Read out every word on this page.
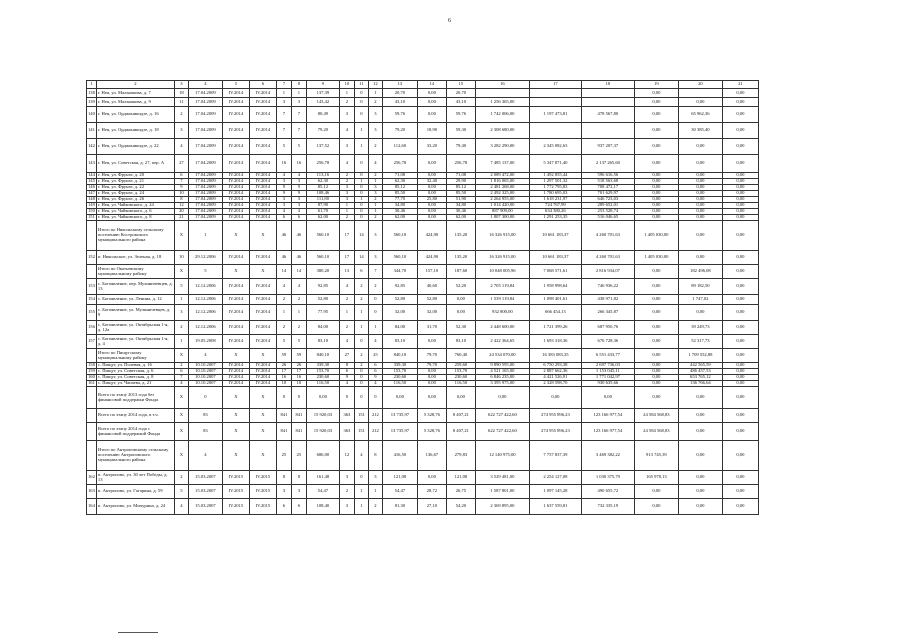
6
1	2	3	4	5	6	7	8	9	10	11	12	13	14	15	16	17	18	19	20	21
138	г. Нея, ул. Малышкова, д. 7	18	17.04.2009	IV.2014	IV.2014	1	1	137,39	1	0	1	20,70	0,00	20,70				0,00		0,00
139	г. Нея, ул. Малышкова, д. 9	11	17.04.2009	IV.2014	IV.2014	3	3	143,42	2	0	2	43,10	0,00	43,10	1 256 365,00			0,00	0,00	0,00
140	г. Нея, ул. Орджоникидзе, д. 16	2	17.04.2009	IV.2014	IV.2014	7	7	80,49	3	0	3	59,76	0,00	59,76	1 742 006,00	1 197 473,81	478 567,80	0,00	65 962,36	0,00
141	г. Нея, ул. Орджоникидзе, д. 18	3	17.04.2009	IV.2014	IV.2014	7	7	79,20	4	1	3	79,20	18,90	59,30	2 308 680,00			0,00	30 385,40	0,00
142	г. Нея, ул. Орджоникидзе, д. 22	4	17.04.2009	IV.2014	IV.2014	5	5	137,52	3	1	2	112,60	33,20	79,40	3 282 290,00	2 345 082,63	937 207,37	0,00	0,00	0,00
143	г. Нея, ул. Советская, д. 27, пер. А	27	17.04.2009	IV.2014	IV.2014	16	16	256,78	4	0	4	256,78	0,00	256,78	7 485 137,00	5 347 871,40	2 137 265,60	0,00	0,00	0,00
144	г. Нея, ул. Фрунзе, д. 20	6	17.04.2009	IV.2014	IV.2014	4	4	113,16	2	0	2	71,08	0,00	71,08	2 089 472,00	1 492 855,44	596 616,56	0,00	0,00	0,00
145	г. Нея, ул. Фрунзе, д. 21	7	17.04.2009	IV.2014	IV.2014	3	3	62,30	2	1	1	62,30	32,40	29,90	1 816 065,00	1 297 501,32	518 563,68	0,00	0,00	0,00
146	г. Нея, ул. Фрунзе, д. 22	9	17.04.2009	IV.2014	IV.2014	9	9	85,12	3	0	3	85,12	0,00	85,12	2 481 268,00	1 772 795,83	708 472,17	0,00	0,00	0,00
147	г. Нея, ул. Фрунзе, д. 24	10	17.04.2009	IV.2014	IV.2014	9	9	108,46	3	0	3	85,50	0,00	85,50	2 492 325,00	1 780 695,03	701 629,97	0,00	0,00	0,00
148	г. Нея, ул. Фрунзе, д. 26	8	17.04.2009	IV.2014	IV.2014	3	3	111,80	3	1	2	77,70	25,80	51,90	2 264 955,00	1 618 231,97	646 723,03	0,00	0,00	0,00
149	г. Нея, ул. Чайковского, д. 24	12	17.04.2009	IV.2014	IV.2014	3	3	87,90	1	0	1	34,80	0,00	34,80	1 014 420,00	724 767,99	289 652,01	0,00	0,00	0,00
150	г. Нея, ул. Чайковского, д. 6	20	17.04.2009	IV.2014	IV.2014	4	4	61,70	1	0	1	30,46	0,00	30,46	887 909,00	634 380,26	253 528,74	0,00	0,00	0,00
151	г. Нея, ул. Чайковского, д. 8	21	17.04.2009	IV.2014	IV.2014	6	6	62,00	2	0	2	62,00	0,00	62,00	1 807 300,00	1 291 253,35	516 046,65	0,00	0,00	0,00
	Итого по Никольскому сельскому поселению Костромского муниципального района	X	1	X	X	46	46	560,10	17	14	3	560,10	424,90	135,20	16 326 915,00	10 661 183,37	4 260 701,63	1 405 030,00	0,00	0,00
152	п. Никольское, ул. Зеленая, д. 18	10	29.12.2006	IV.2014	IV.2014	46	46	560,10	17	14	3	560,10	424,90	135,20	16 326 915,00	10 661 183,37	4 260 701,63	1 405 030,00	0,00	0,00
	Итого по Окатьевскому муниципальному району	X	5	X	X	14	14	380,20	13	6	7	344,70	157,10	187,60	10 048 005,96	7 068 571,61	2 816 934,07	0,00	182 496,08	0,00
153	с. Богоявление, пер. Мулиничевцев, д. 13	5	12.12.2006	IV.2014	IV.2014	4	4	92,85	4	2	2	92,85	40,60	52,20	2 705 119,84	1 958 998,64	746 936,22	0,00	89 182,50	0,00
154	с. Богоявление, ул. Ленина, д. 12	1	12.12.2006	IV.2014	IV.2014	2	2	52,80	2	2	0	52,80	52,80	0,00	1 539 119,84	1 098 401,61	438 971,82	0,00	1 747,02	0,00
155	с. Богоявление, ул. Мулиничевцев, д. 9	3	12.12.2006	IV.2014	IV.2014	1	1	77,95	1	1	0	32,00	32,00	0,00	932 800,00	666 454,13	266 345,87	0,00	0,00	0,00
156	с. Богоявление, ул. Октябрьская 1-я, д. 12а	2	12.12.2006	IV.2014	IV.2014	2	2	84,00	2	1	1	84,00	31,70	52,30	2 448 600,00	1 721 399,26	687 950,76	0,00	39 249,73	0,00
157	с. Богоявление, ул. Октябрьская 1-я, д. 4	1	19.05.2008	IV.2014	IV.2014	5	5	83,10	4	0	4	83,10	0,00	83,10	2 422 364,65	1 693 318,36	676 728,36	0,00	52 317,73	0,00
	Итого по Пищугскому муниципальному району	X	4	X	X	59	59	840,10	27	2	25	840,10	79,70	760,40	24 534 070,00	16 383 083,35	6 551 433,77	0,00	1 709 552,88	0,00
158	с. Пищуг, ул. Полевая, д. 16	2	10.10.2007	IV.2014	IV.2014	26	26	339,30	8	2	6	339,30	79,70	259,60	9 890 595,00	6 750 293,38	2 697 736,03	0,00	442 565,59	0,00
159	с. Пищуг, ул. Советская, д. 6	6	10.10.2007	IV.2014	IV.2014	17	17	153,70	6	0	6	153,70	0,00	153,70	4 521 165,00	2 887 662,36	1 153 045,11	0,00	486 457,53	0,00
160	с. Пищуг, ул. Советская, д. 8	7	10.10.2007	IV.2014	IV.2014	16	16	230,60	9	0	9	230,60	0,00	230,60	6 846 235,00	4 421 526,91	1 771 042,97	0,00	653 765,12	0,00
161	с. Пищуг, ул. Чапаева, д. 21	4	10.10.2007	IV.2014	IV.2014	10	10	116,50	4	0	4	116,50	0,00	116,50	3 395 975,00	2 328 598,70	930 635,66	0,00	136 766,64	0,00
	Всего по этапу 2013 года без финансовой поддержки Фонда	X	0	X	X	0	0	0,00	0	0	0	0,00	0,00	0,00	0,00	0,00	0,00	0,00	0,00	0,00
	Всего по этапу 2014 года, в т.ч.	X	83	X	X	841	841	15 920,03	363	151	212	13 735,97	5 328,76	8 407,21	622 727 422,60	274 955 896,23	123 166 977,54	24 584 568,83	0,00	0,00
	Всего по этапу 2014 года с финансовой поддержкой Фонда	X	83	X	X	841	841	15 920,03	363	151	212	13 735,97	5 328,76	8 407,21	622 727 422,60	274 955 896,23	123 166 977,54	24 584 568,83	0,00	0,00
	Итого по Антроповскому сельскому поселению Антроповского муниципального района	X	4	X	X	25	25	686,00	12	4	8	416,50	136,67	279,83	12 140 975,00	7 757 837,39	3 469 382,22	913 745,39	0,00	0,00
162	п. Антропово, ул. 30 лет Победы, д. 13	2	15.03.2007	IV.2015	IV.2015	8	8	161,48	3	0	3	121,08	0,00	121,08	3 529 481,00	2 254 127,08	1 030 375,79	165 978,13	0,00	0,00
163	п. Антропово, ул. Гагарина, д. 59	5	15.03.2007	IV.2015	IV.2015	3	3	54,47	2	1	1	54,47	28,72	26,75	1 587 801,00	1 097 145,28	490 655,72	0,00	0,00	0,00
164	п. Антропово, ул. Мичурина, д. 24	4	15.03.2007	IV.2015	IV.2015	6	6	108,40	3	1	2	81,30	27,10	54,20	2 369 895,00	1 637 559,81	732 335,19	0,00	0,00	0,00
